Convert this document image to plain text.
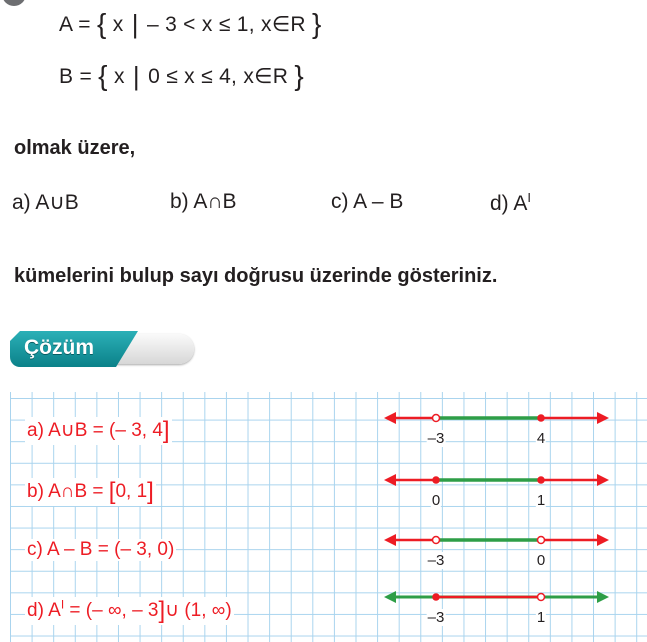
A = { x | – 3 < x ≤ 1, x∈R }
B = { x | 0 ≤ x ≤ 4, x∈R }
olmak üzere,
a) A∪B	b) A∩B	c) A – B	d) $A^I$
kümelerini bulup sayı doğrusu üzerinde gösteriniz.
Çözüm
a) A∪B = (– 3, 4]
b) A∩B = [0, 1]
c) A – B = (– 3, 0)
d) $A^I$ = (– ∞, – 3]∪ (1, ∞)
–3	4
0	1
–3	0
–3	1
